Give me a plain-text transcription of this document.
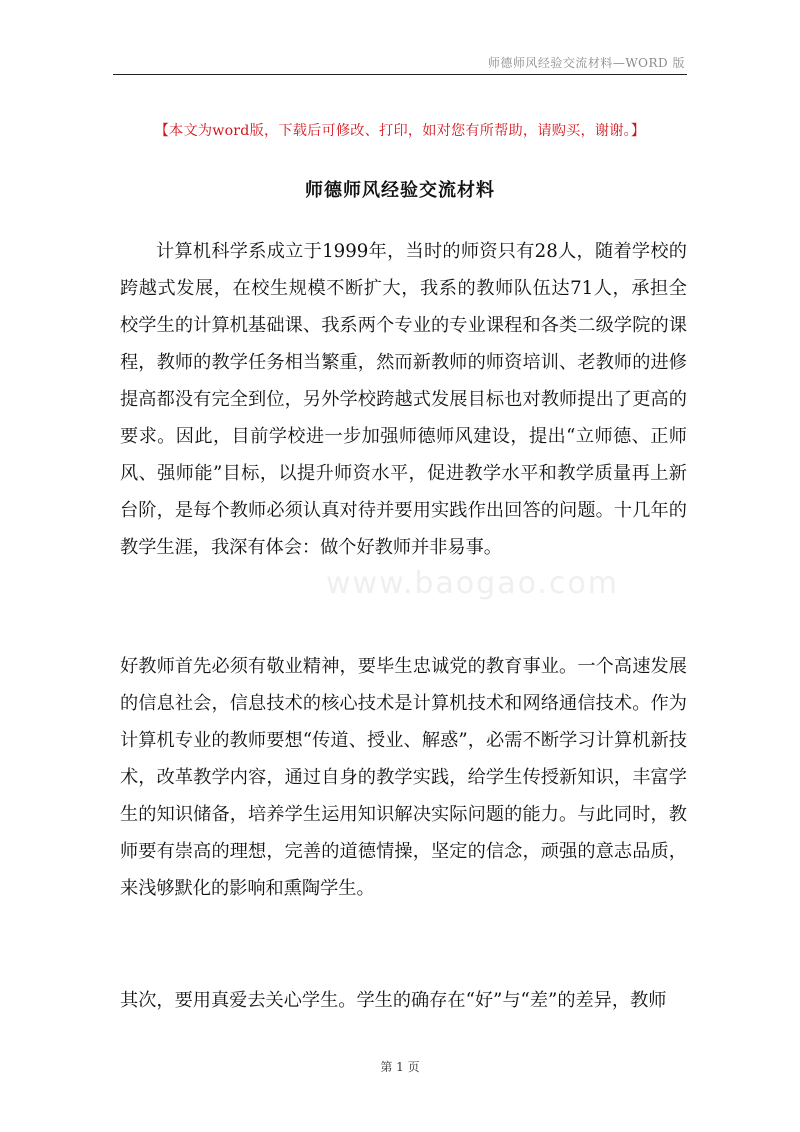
师德师风经验交流材料—WORD 版
【本文为word版，下载后可修改、打印，如对您有所帮助，请购买，谢谢。】
师德师风经验交流材料

计算机科学系成立于1999年，当时的师资只有28人，随着学校的跨越式发展，在校生规模不断扩大，我系的教师队伍达71人，承担全校学生的计算机基础课、我系两个专业的专业课程和各类二级学院的课程，教师的教学任务相当繁重，然而新教师的师资培训、老教师的进修提高都没有完全到位，另外学校跨越式发展目标也对教师提出了更高的要求。因此，目前学校进一步加强师德师风建设，提出“立师德、正师风、强师能”目标，以提升师资水平，促进教学水平和教学质量再上新台阶，是每个教师必须认真对待并要用实践作出回答的问题。十几年的教学生涯，我深有体会：做个好教师并非易事。

好教师首先必须有敬业精神，要毕生忠诚党的教育事业。一个高速发展的信息社会，信息技术的核心技术是计算机技术和网络通信技术。作为计算机专业的教师要想“传道、授业、解惑”，必需不断学习计算机新技术，改革教学内容，通过自身的教学实践，给学生传授新知识，丰富学生的知识储备，培养学生运用知识解决实际问题的能力。与此同时，教师要有崇高的理想，完善的道德情操，坚定的信念，顽强的意志品质，来浅够默化的影响和熏陶学生。

其次，要用真爱去关心学生。学生的确存在“好”与“差”的差异，教师

www.baogao.com
第 1 页
